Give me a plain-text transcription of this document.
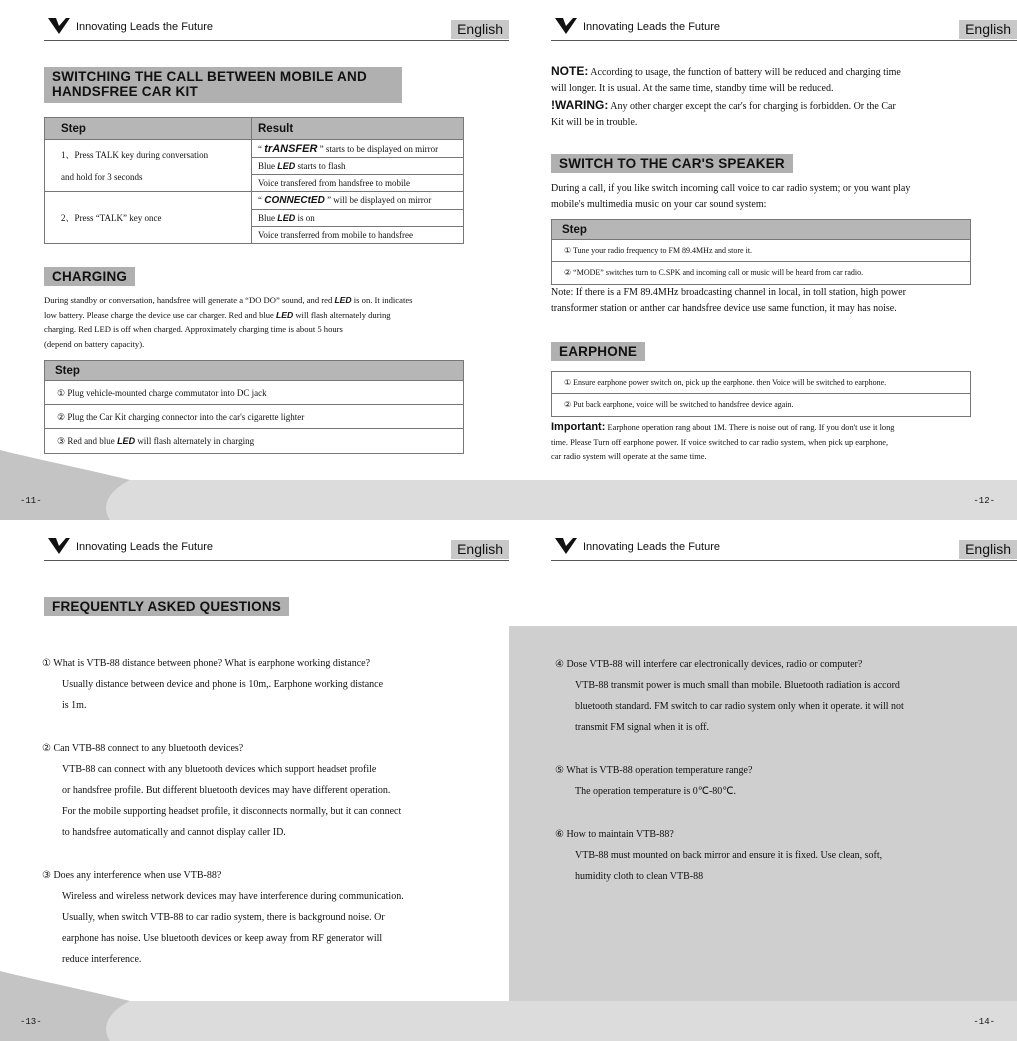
Innovating Leads the Future	English
SWITCHING THE CALL BETWEEN MOBILE AND
HANDSFREE CAR KIT
Step	Result

1、Press TALK key during conversation
and hold for 3 seconds	“ trANSFER ” starts to be displayed on mirror
	Blue LED starts to flash
	Voice transfered from handsfree to mobile

2、Press “TALK” key once	“ CONNECtED ” will be displayed on mirror
	Blue LED is on
	Voice transferred from mobile to handsfree
CHARGING
During standby or conversation, handsfree will generate a “DO DO” sound, and red LED is on. It indicates
low battery. Please charge the device use car charger. Red and blue LED will flash alternately during
charging. Red LED is off when charged. Approximately charging time is about 5 hours
(depend on battery capacity).
Step
① Plug vehicle-mounted charge commutator into DC jack
② Plug the Car Kit charging connector into the car's cigarette lighter
③ Red and blue LED will flash alternately in charging
-11-
Innovating Leads the Future	English
NOTE: According to usage, the function of battery will be reduced and charging time
will longer. It is usual. At the same time, standby time will be reduced.
!WARING: Any other charger except the car's for charging is forbidden. Or the Car
Kit will be in trouble.
SWITCH TO THE CAR'S SPEAKER
During a call, if you like switch incoming call voice to car radio system; or you want play
mobile's multimedia music on your car sound system:
Step
① Tune your radio frequency to FM 89.4MHz and store it.
② “MODE” switches turn to C.SPK and incoming call or music will be heard from car radio.
Note: If there is a FM 89.4MHz broadcasting channel in local, in toll station, high power
transformer station or anther car handsfree device use same function, it may has noise.
EARPHONE
① Ensure earphone power switch on, pick up the earphone. then Voice will be switched to earphone.
② Put back earphone, voice will be switched to handsfree device again.
Important: Earphone operation rang about 1M. There is noise out of rang. If you don't use it long
time. Please Turn off earphone power. If voice switched to car radio system, when pick up earphone,
car radio system will operate at the same time.
-12-
Innovating Leads the Future	English
FREQUENTLY ASKED QUESTIONS
① What is VTB-88 distance between phone? What is earphone working distance?
Usually distance between device and phone is 10m,. Earphone working distance
is 1m.
② Can VTB-88 connect to any bluetooth devices?
VTB-88 can connect with any bluetooth devices which support headset profile
or handsfree profile. But different bluetooth devices may have different operation.
For the mobile supporting headset profile, it disconnects normally, but it can connect
to handsfree automatically and cannot display caller ID.
③ Does any interference when use VTB-88?
Wireless and wireless network devices may have interference during communication.
Usually, when switch VTB-88 to car radio system, there is background noise. Or
earphone has noise. Use bluetooth devices or keep away from RF generator will
reduce interference.
-13-
Innovating Leads the Future	English
④ Dose VTB-88 will interfere car electronically devices, radio or computer?
VTB-88 transmit power is much small than mobile. Bluetooth radiation is accord
bluetooth standard. FM switch to car radio system only when it operate. it will not
transmit FM signal when it is off.
⑤ What is VTB-88 operation temperature range?
The operation temperature is 0℃-80℃.
⑥ How to maintain VTB-88?
VTB-88 must mounted on back mirror and ensure it is fixed. Use clean, soft,
humidity cloth to clean VTB-88
-14-
